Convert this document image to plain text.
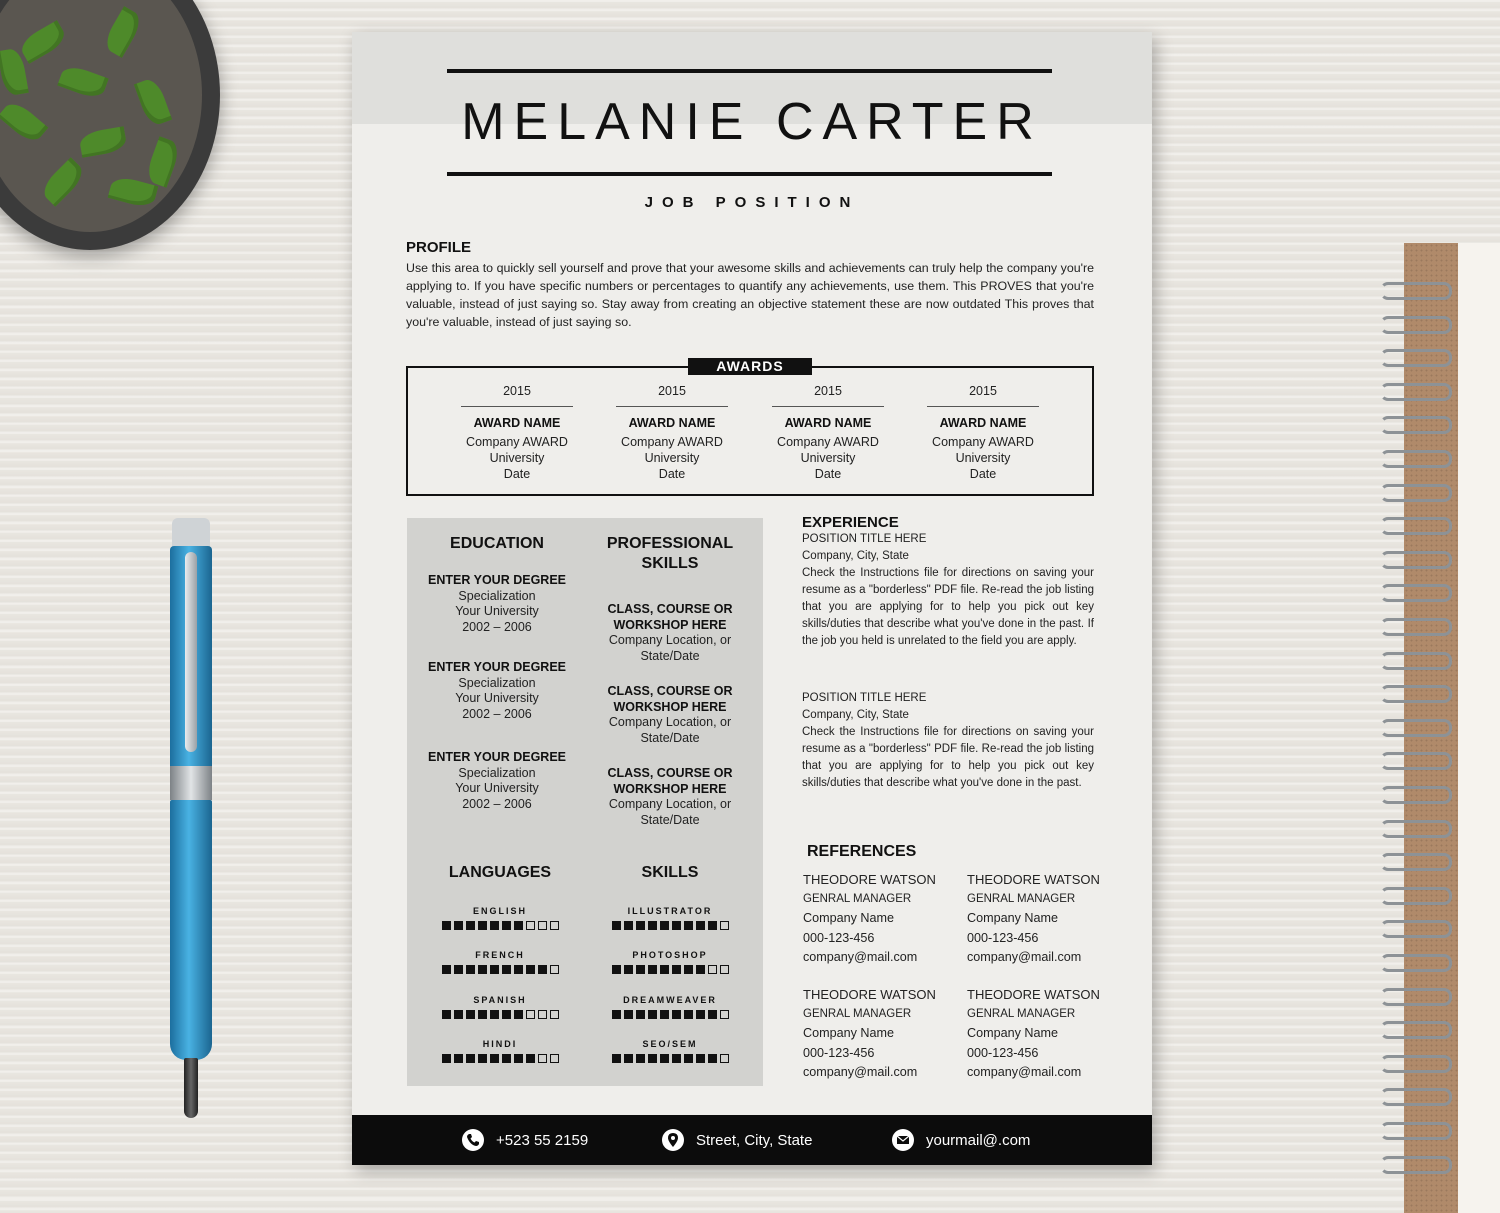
MELANIE CARTER
JOB POSITION
PROFILE
Use this area to quickly sell yourself and prove that your awesome skills and achievements can truly help the company you're applying to. If you have specific numbers or percentages to quantify any achievements, use them. This PROVES that you're valuable, instead of just saying so. Stay away from creating an objective statement these are now outdated This proves that you're valuable, instead of just saying so.
AWARDS
2015
AWARD NAME
Company AWARD
University
Date
2015
AWARD NAME
Company AWARD
University
Date
2015
AWARD NAME
Company AWARD
University
Date
2015
AWARD NAME
Company AWARD
University
Date
EDUCATION
ENTER YOUR DEGREE
Specialization
Your University
2002 – 2006
ENTER YOUR DEGREE
Specialization
Your University
2002 – 2006
ENTER YOUR DEGREE
Specialization
Your University
2002 – 2006
PROFESSIONAL
SKILLS
CLASS, COURSE OR
WORKSHOP HERE
Company Location, or
State/Date
CLASS, COURSE OR
WORKSHOP HERE
Company Location, or
State/Date
CLASS, COURSE OR
WORKSHOP HERE
Company Location, or
State/Date
LANGUAGES	SKILLS
ENGLISH
FRENCH
SPANISH
HINDI
ILLUSTRATOR
PHOTOSHOP
DREAMWEAVER
SEO/SEM
EXPERIENCE
POSITION TITLE HERE
Company, City, State
Check the Instructions file for directions on saving your resume as a "borderless" PDF file. Re-read the job listing that you are applying for to help you pick out key skills/duties that describe what you've done in the past. If the job you held is unrelated to the field you are apply.
POSITION TITLE HERE
Company, City, State
Check the Instructions file for directions on saving your resume as a "borderless" PDF file. Re-read the job listing that you are applying for to help you pick out key skills/duties that describe what you've done in the past.
REFERENCES
THEODORE WATSON
GENRAL MANAGER
Company Name
000-123-456
company@mail.com
THEODORE WATSON
GENRAL MANAGER
Company Name
000-123-456
company@mail.com
THEODORE WATSON
GENRAL MANAGER
Company Name
000-123-456
company@mail.com
THEODORE WATSON
GENRAL MANAGER
Company Name
000-123-456
company@mail.com
+523 55 2159	Street, City, State	yourmail@.com
